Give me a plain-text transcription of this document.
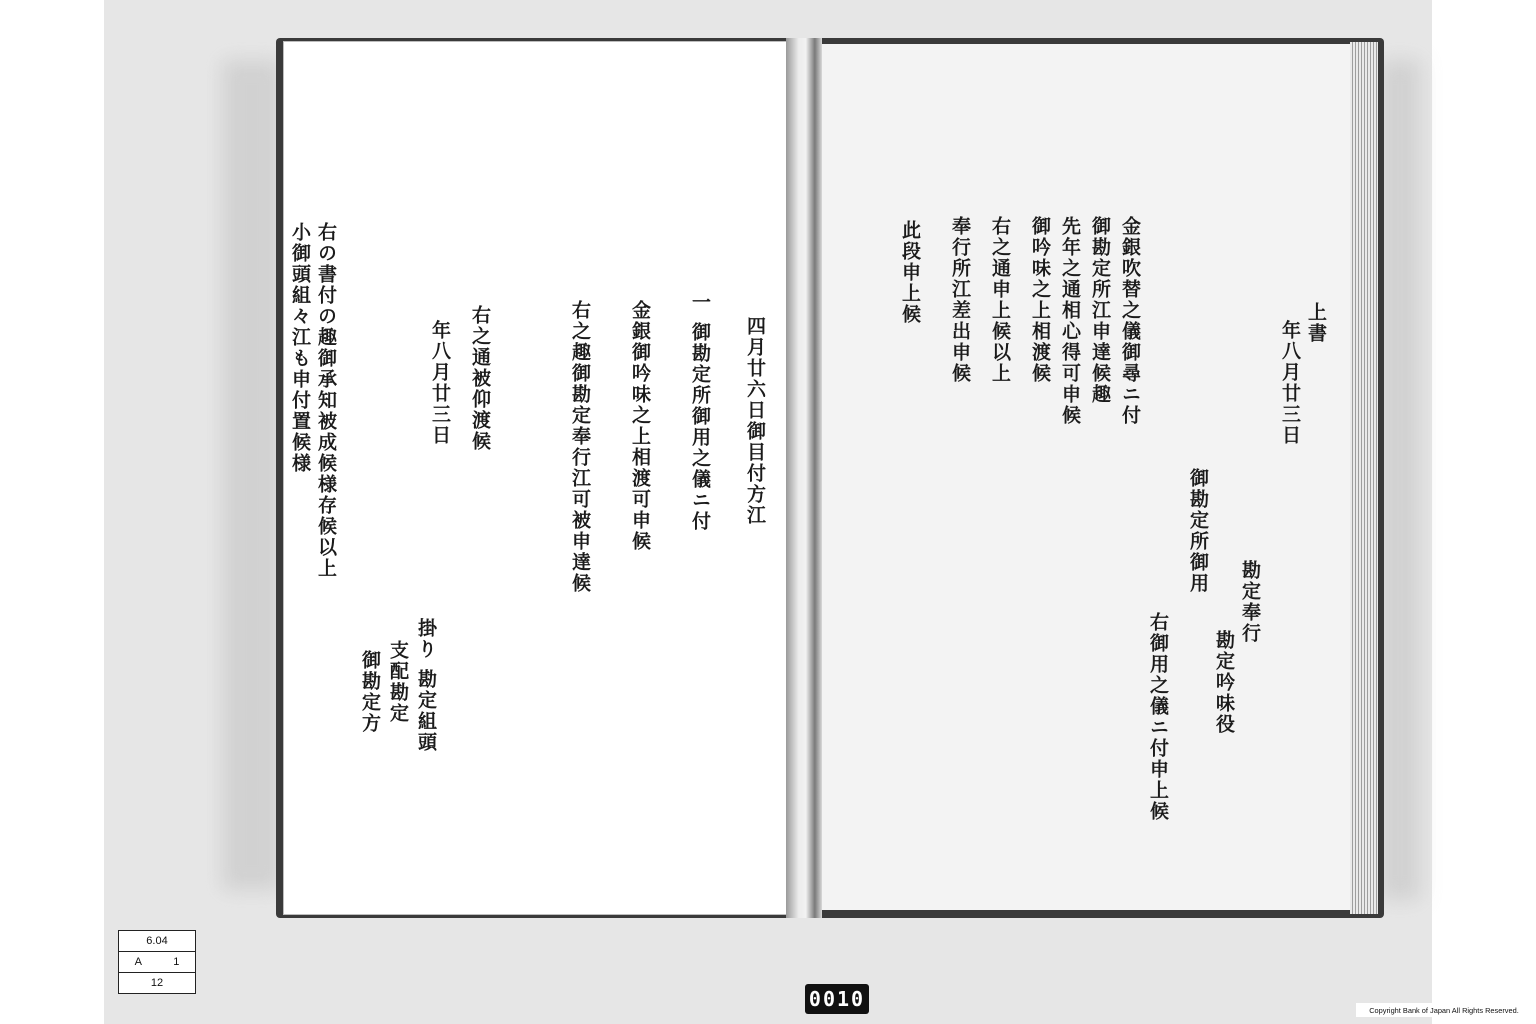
右の書付の趣御承知被成候様存候以上
小御頭組々江も申付置候様	四月廿六日御目付方江
一 御勘定所御用之儀ニ付
金銀御吟味之上相渡可申候
右之趣御勘定奉行江可被申達候
年八月廿三日 右之通被仰渡候
掛り 勘定組頭
支配勘定
御勘定方
上書
年八月廿三日
御勘定所御用
勘定奉行
勘定吟味役
右御用之儀ニ付申上候
金銀吹替之儀御尋ニ付
御勘定所江申達候趣
先年之通相心得可申候
御吟味之上相渡候
右之通申上候以上
奉行所江差出申候
此段申上候
6.04
A	1
12
0010	Copyright Bank of Japan All Rights Reserved.
